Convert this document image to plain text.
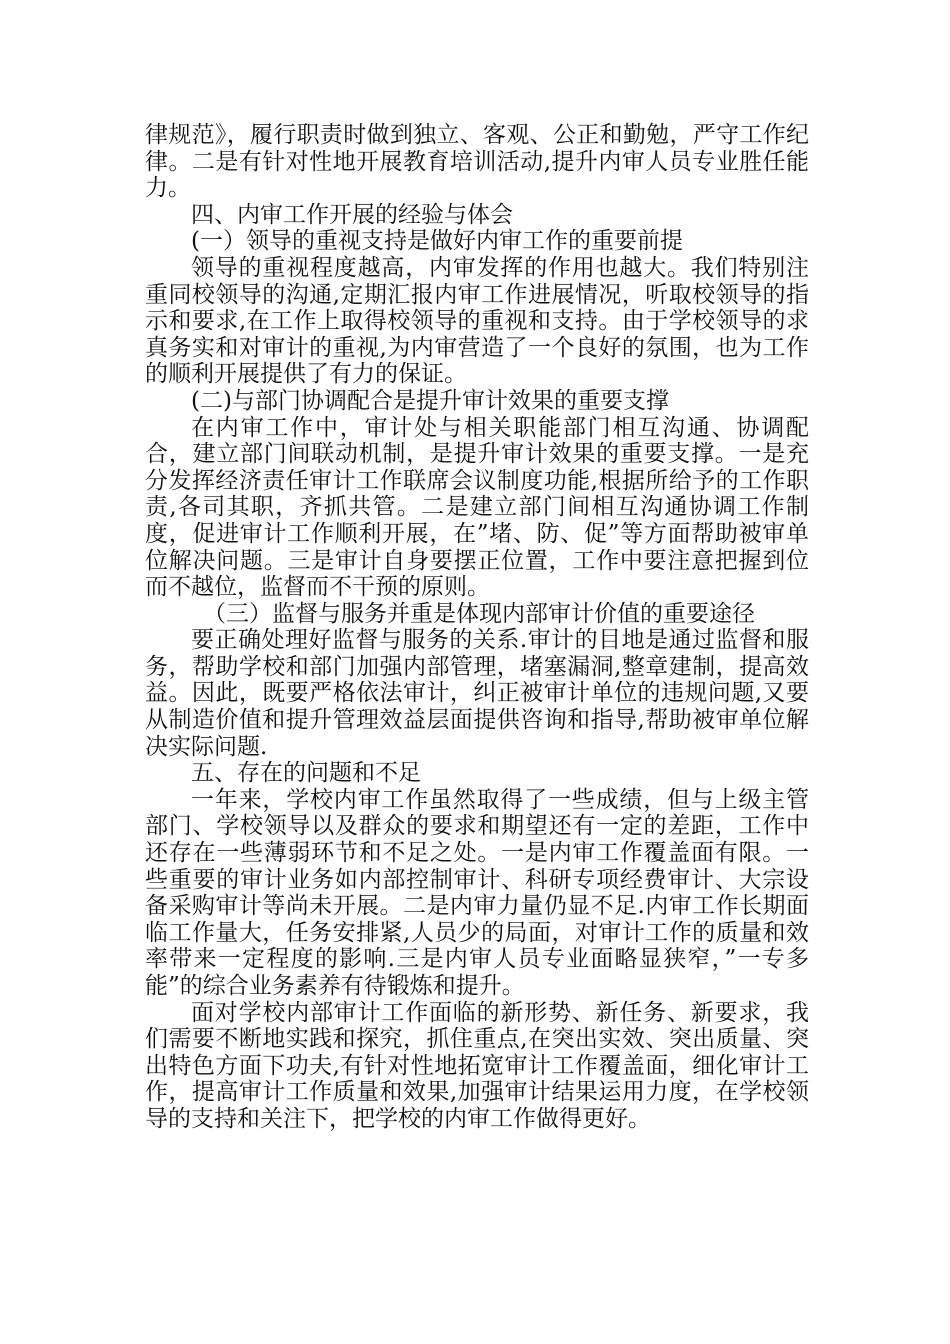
律规范》，履行职责时做到独立、客观、公正和勤勉，严守工作纪律。二是有针对性地开展教育培训活动,提升内审人员专业胜任能力。

四、内审工作开展的经验与体会

(一）领导的重视支持是做好内审工作的重要前提

领导的重视程度越高，内审发挥的作用也越大。我们特别注重同校领导的沟通,定期汇报内审工作进展情况，听取校领导的指示和要求,在工作上取得校领导的重视和支持。由于学校领导的求真务实和对审计的重视,为内审营造了一个良好的氛围，也为工作的顺利开展提供了有力的保证。

(二)与部门协调配合是提升审计效果的重要支撑

在内审工作中，审计处与相关职能部门相互沟通、协调配合，建立部门间联动机制，是提升审计效果的重要支撑。一是充分发挥经济责任审计工作联席会议制度功能,根据所给予的工作职责,各司其职，齐抓共管。二是建立部门间相互沟通协调工作制度，促进审计工作顺利开展，在”堵、防、促”等方面帮助被审单位解决问题。三是审计自身要摆正位置，工作中要注意把握到位而不越位，监督而不干预的原则。

（三）监督与服务并重是体现内部审计价值的重要途径

要正确处理好监督与服务的关系.审计的目地是通过监督和服务，帮助学校和部门加强内部管理，堵塞漏洞,整章建制，提高效益。因此，既要严格依法审计，纠正被审计单位的违规问题,又要从制造价值和提升管理效益层面提供咨询和指导,帮助被审单位解决实际问题.

五、存在的问题和不足

一年来，学校内审工作虽然取得了一些成绩，但与上级主管部门、学校领导以及群众的要求和期望还有一定的差距，工作中还存在一些薄弱环节和不足之处。一是内审工作覆盖面有限。一些重要的审计业务如内部控制审计、科研专项经费审计、大宗设备采购审计等尚未开展。二是内审力量仍显不足.内审工作长期面临工作量大，任务安排紧,人员少的局面，对审计工作的质量和效率带来一定程度的影响.三是内审人员专业面略显狭窄，”一专多能”的综合业务素养有待锻炼和提升。

面对学校内部审计工作面临的新形势、新任务、新要求，我们需要不断地实践和探究，抓住重点,在突出实效、突出质量、突出特色方面下功夫,有针对性地拓宽审计工作覆盖面，细化审计工作，提高审计工作质量和效果,加强审计结果运用力度，在学校领导的支持和关注下，把学校的内审工作做得更好。
